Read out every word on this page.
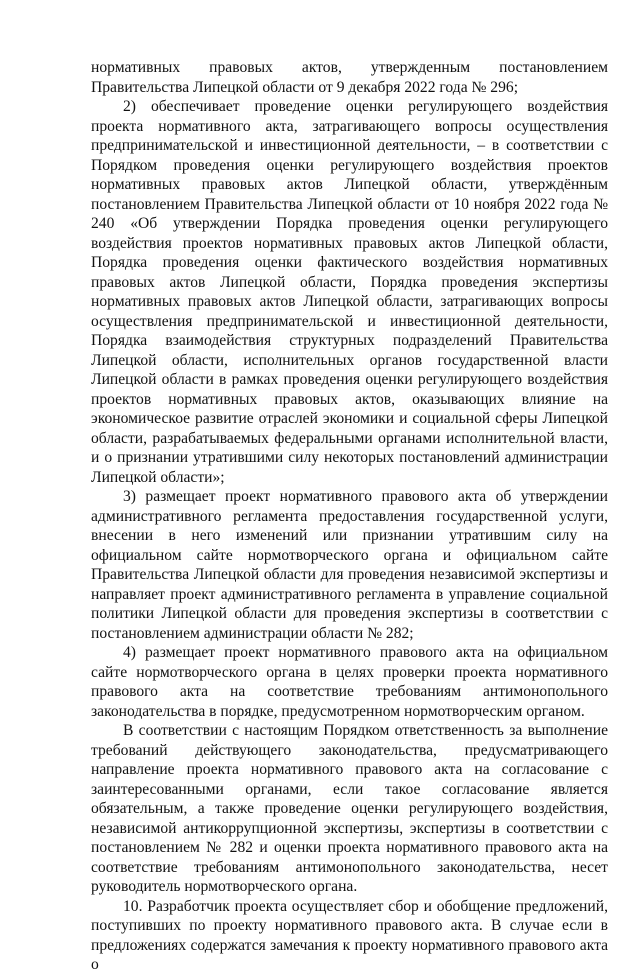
нормативных правовых актов, утвержденным постановлением Правительства Липецкой области от 9 декабря 2022 года № 296;

2) обеспечивает проведение оценки регулирующего воздействия проекта нормативного акта, затрагивающего вопросы осуществления предпринимательской и инвестиционной деятельности, – в соответствии с Порядком проведения оценки регулирующего воздействия проектов нормативных правовых актов Липецкой области, утверждённым постановлением Правительства Липецкой области от 10 ноября 2022 года № 240 «Об утверждении Порядка проведения оценки регулирующего воздействия проектов нормативных правовых актов Липецкой области, Порядка проведения оценки фактического воздействия нормативных правовых актов Липецкой области, Порядка проведения экспертизы нормативных правовых актов Липецкой области, затрагивающих вопросы осуществления предпринимательской и инвестиционной деятельности, Порядка взаимодействия структурных подразделений Правительства Липецкой области, исполнительных органов государственной власти Липецкой области в рамках проведения оценки регулирующего воздействия проектов нормативных правовых актов, оказывающих влияние на экономическое развитие отраслей экономики и социальной сферы Липецкой области, разрабатываемых федеральными органами исполнительной власти, и о признании утратившими силу некоторых постановлений администрации Липецкой области»;

3) размещает проект нормативного правового акта об утверждении административного регламента предоставления государственной услуги, внесении в него изменений или признании утратившим силу на официальном сайте нормотворческого органа и официальном сайте Правительства Липецкой области для проведения независимой экспертизы и направляет проект административного регламента в управление социальной политики Липецкой области для проведения экспертизы в соответствии с постановлением администрации области № 282;

4) размещает проект нормативного правового акта на официальном сайте нормотворческого органа в целях проверки проекта нормативного правового акта на соответствие требованиям антимонопольного законодательства в порядке, предусмотренном нормотворческим органом.

В соответствии с настоящим Порядком ответственность за выполнение требований действующего законодательства, предусматривающего направление проекта нормативного правового акта на согласование с заинтересованными органами, если такое согласование является обязательным, а также проведение оценки регулирующего воздействия, независимой антикоррупционной экспертизы, экспертизы в соответствии с постановлением № 282 и оценки проекта нормативного правового акта на соответствие требованиям антимонопольного законодательства, несет руководитель нормотворческого органа.

10. Разработчик проекта осуществляет сбор и обобщение предложений, поступивших по проекту нормативного правового акта. В случае если в предложениях содержатся замечания к проекту нормативного правового акта о
